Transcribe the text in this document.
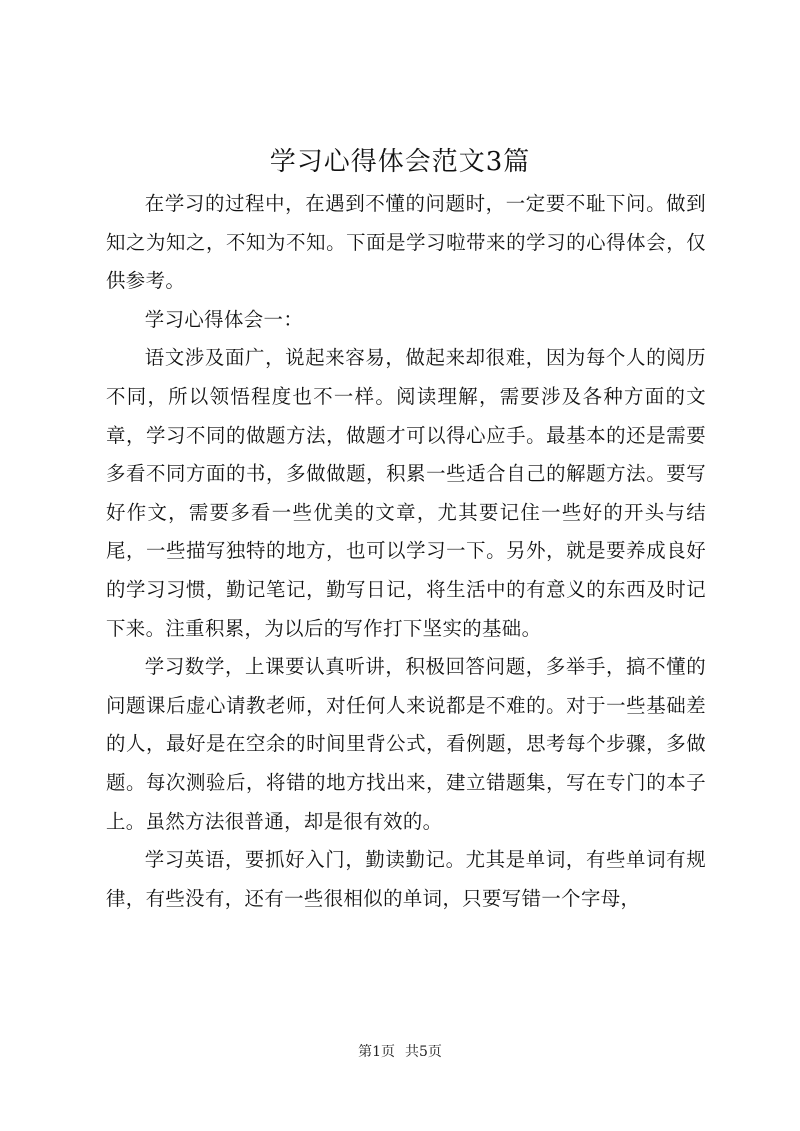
学习心得体会范文3篇

在学习的过程中，在遇到不懂的问题时，一定要不耻下问。做到知之为知之，不知为不知。下面是学习啦带来的学习的心得体会，仅供参考。

学习心得体会一：

语文涉及面广，说起来容易，做起来却很难，因为每个人的阅历不同，所以领悟程度也不一样。阅读理解，需要涉及各种方面的文章，学习不同的做题方法，做题才可以得心应手。最基本的还是需要多看不同方面的书，多做做题，积累一些适合自己的解题方法。要写好作文，需要多看一些优美的文章，尤其要记住一些好的开头与结尾，一些描写独特的地方，也可以学习一下。另外，就是要养成良好的学习习惯，勤记笔记，勤写日记，将生活中的有意义的东西及时记下来。注重积累，为以后的写作打下坚实的基础。

学习数学，上课要认真听讲，积极回答问题，多举手，搞不懂的问题课后虚心请教老师，对任何人来说都是不难的。对于一些基础差的人，最好是在空余的时间里背公式，看例题，思考每个步骤，多做题。每次测验后，将错的地方找出来，建立错题集，写在专门的本子上。虽然方法很普通，却是很有效的。

学习英语，要抓好入门，勤读勤记。尤其是单词，有些单词有规律，有些没有，还有一些很相似的单词，只要写错一个字母，

第1页 共5页
